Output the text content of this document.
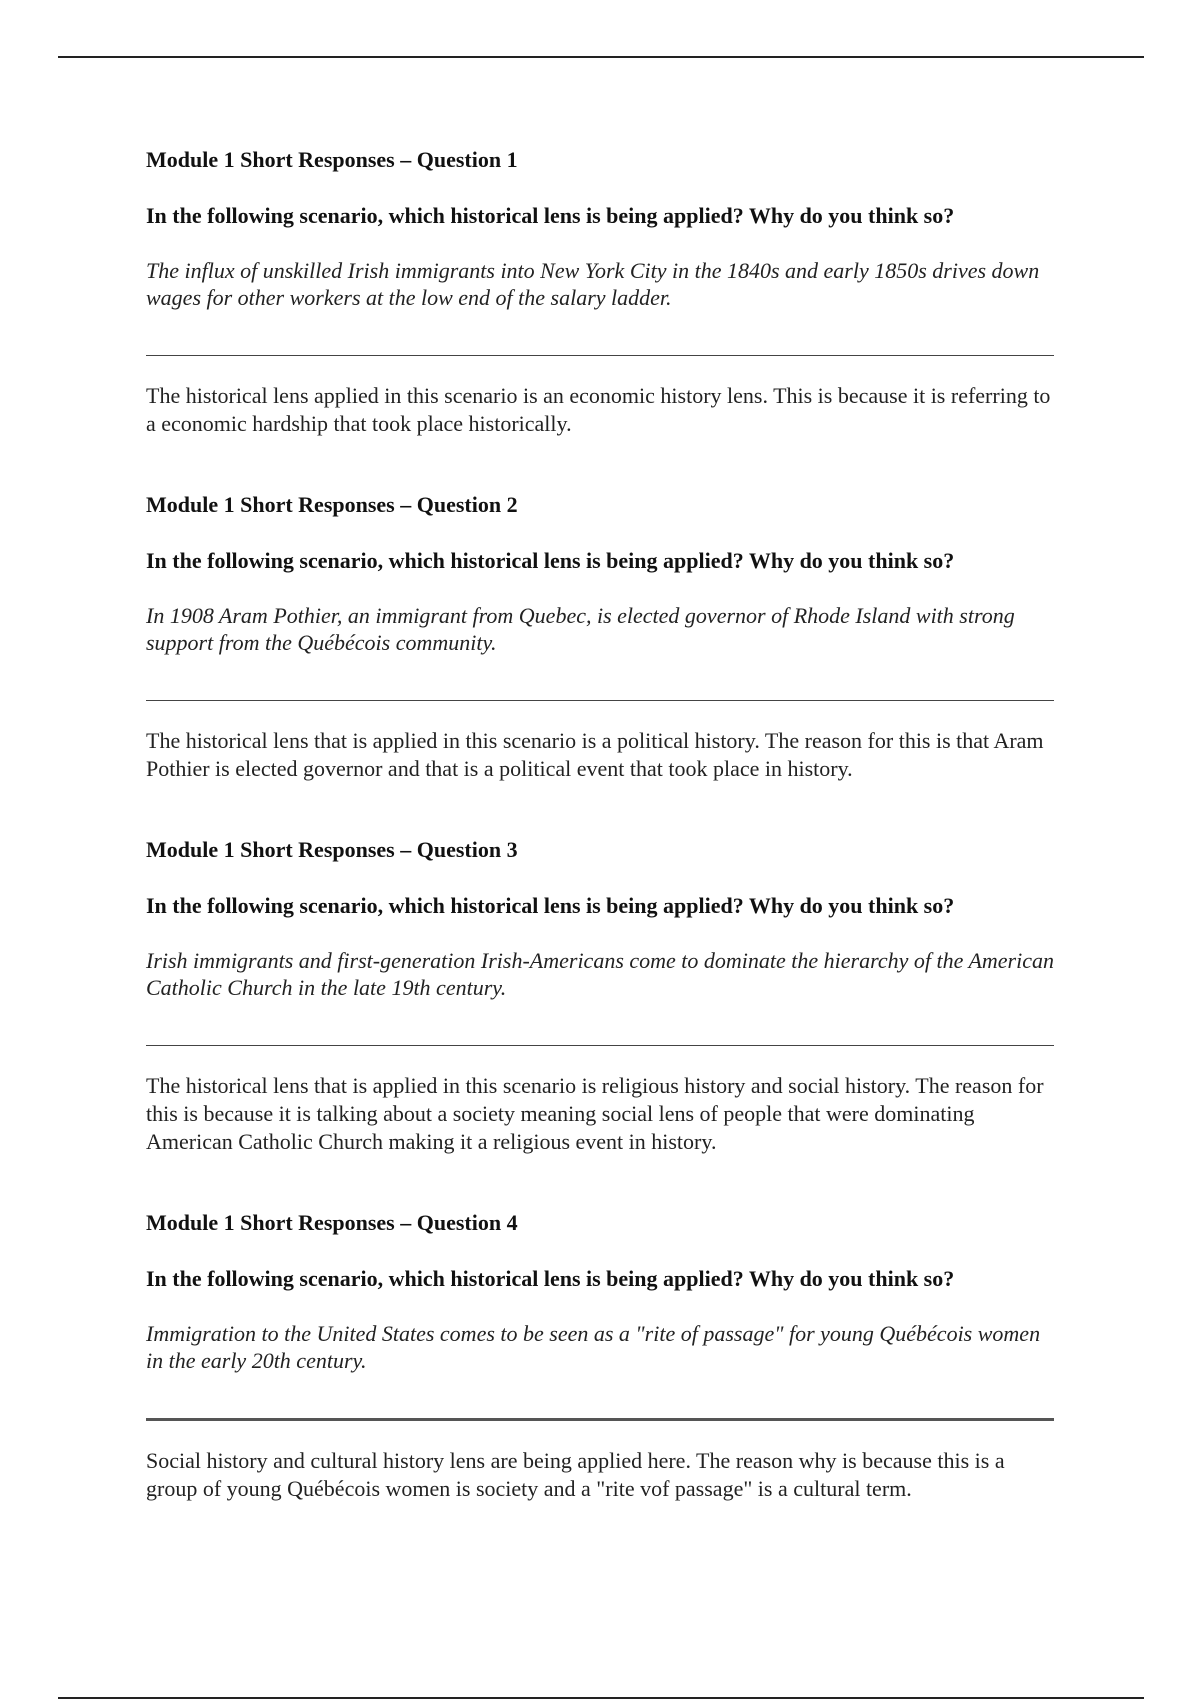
Module 1 Short Responses – Question 1

In the following scenario, which historical lens is being applied? Why do you think so?

The influx of unskilled Irish immigrants into New York City in the 1840s and early 1850s drives down wages for other workers at the low end of the salary ladder.

The historical lens applied in this scenario is an economic history lens. This is because it is referring to a economic hardship that took place historically.

Module 1 Short Responses – Question 2

In the following scenario, which historical lens is being applied? Why do you think so?

In 1908 Aram Pothier, an immigrant from Quebec, is elected governor of Rhode Island with strong support from the Québécois community.

The historical lens that is applied in this scenario is a political history. The reason for this is that Aram Pothier is elected governor and that is a political event that took place in history.

Module 1 Short Responses – Question 3

In the following scenario, which historical lens is being applied? Why do you think so?

Irish immigrants and first-generation Irish-Americans come to dominate the hierarchy of the American Catholic Church in the late 19th century.

The historical lens that is applied in this scenario is religious history and social history. The reason for this is because it is talking about a society meaning social lens of people that were dominating American Catholic Church making it a religious event in history.

Module 1 Short Responses – Question 4

In the following scenario, which historical lens is being applied? Why do you think so?

Immigration to the United States comes to be seen as a "rite of passage" for young Québécois women in the early 20th century.

Social history and cultural history lens are being applied here. The reason why is because this is a group of young Québécois women is society and a "rite vof passage" is a cultural term.
